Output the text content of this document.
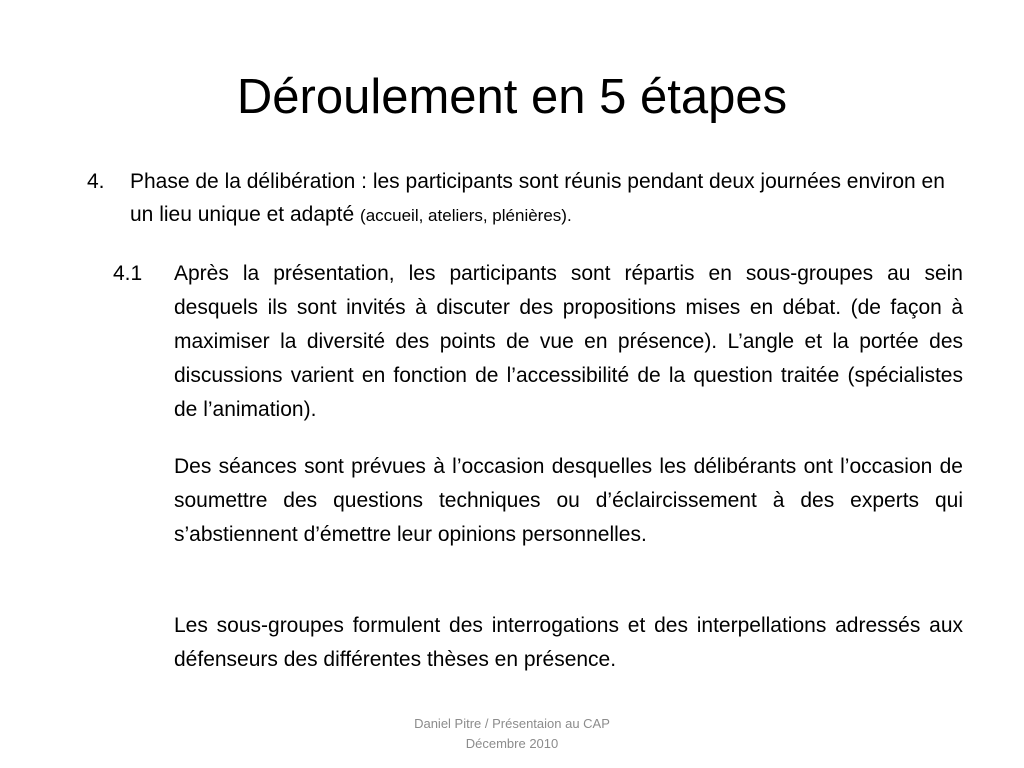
Déroulement en 5 étapes
4. Phase de la délibération : les participants sont réunis pendant deux journées environ en un lieu unique et adapté (accueil, ateliers, plénières).
4.1 Après la présentation, les participants sont répartis en sous-groupes au sein desquels ils sont invités à discuter des propositions mises en débat. (de façon à maximiser la diversité des points de vue en présence). L’angle et la portée des discussions varient en fonction de l’accessibilité de la question traitée (spécialistes de l’animation).

Des séances sont prévues à l’occasion desquelles les délibérants ont l’occasion de soumettre des questions techniques ou d’éclaircissement à des experts qui s’abstiennent d’émettre leur opinions personnelles.

Les sous-groupes formulent des interrogations et des interpellations adressés aux défenseurs des différentes thèses en présence.

Daniel Pitre / Présentaion au CAP
Décembre 2010
